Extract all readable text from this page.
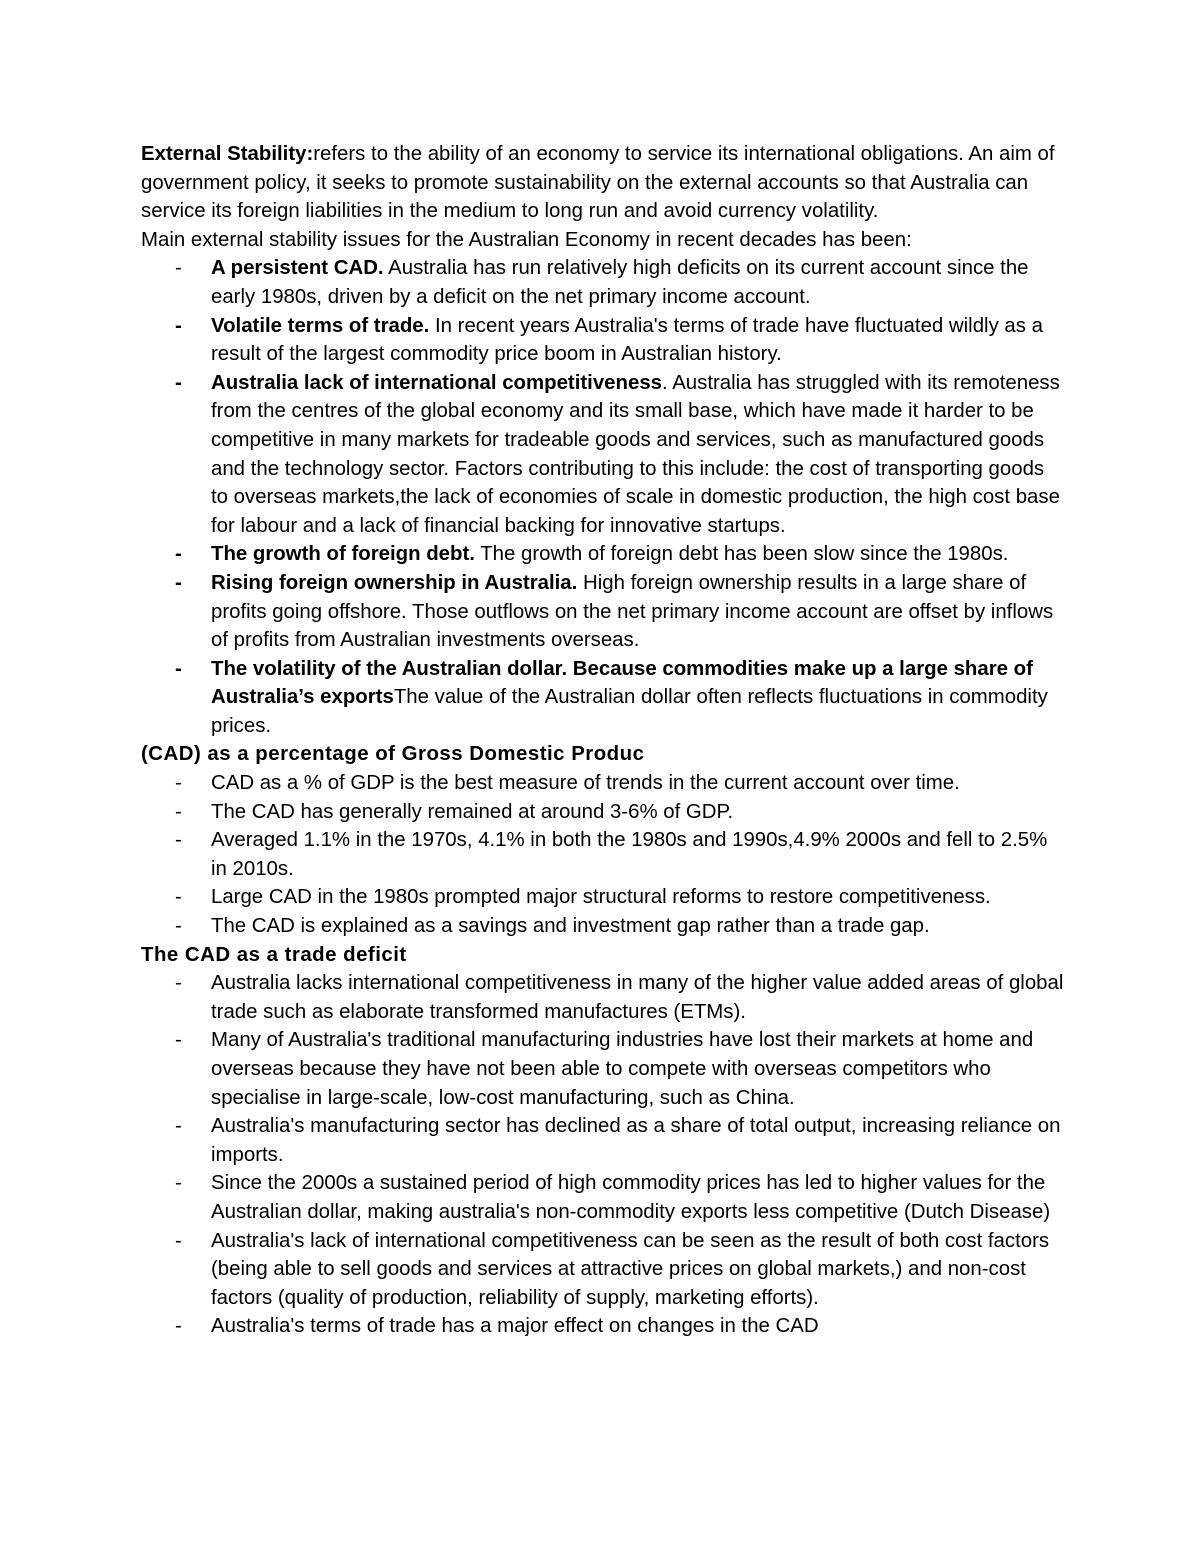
External Stability:refers to the ability of an economy to service its international obligations. An aim of government policy, it seeks to promote sustainability on the external accounts so that Australia can service its foreign liabilities in the medium to long run and avoid currency volatility.

Main external stability issues for the Australian Economy in recent decades has been:

- A persistent CAD. Australia has run relatively high deficits on its current account since the early 1980s, driven by a deficit on the net primary income account.
- Volatile terms of trade. In recent years Australia's terms of trade have fluctuated wildly as a result of the largest commodity price boom in Australian history.
- Australia lack of international competitiveness. Australia has struggled with its remoteness from the centres of the global economy and its small base, which have made it harder to be competitive in many markets for tradeable goods and services, such as manufactured goods and the technology sector. Factors contributing to this include: the cost of transporting goods to overseas markets,the lack of economies of scale in domestic production, the high cost base for labour and a lack of financial backing for innovative startups.
- The growth of foreign debt. The growth of foreign debt has been slow since the 1980s.
- Rising foreign ownership in Australia. High foreign ownership results in a large share of profits going offshore. Those outflows on the net primary income account are offset by inflows of profits from Australian investments overseas.
- The volatility of the Australian dollar. Because commodities make up a large share of Australia’s exportsThe value of the Australian dollar often reflects fluctuations in commodity prices.

(CAD) as a percentage of Gross Domestic Produc

- CAD as a % of GDP is the best measure of trends in the current account over time.
- The CAD has generally remained at around 3-6% of GDP.
- Averaged 1.1% in the 1970s, 4.1% in both the 1980s and 1990s,4.9% 2000s and fell to 2.5% in 2010s.
- Large CAD in the 1980s prompted major structural reforms to restore competitiveness.
- The CAD is explained as a savings and investment gap rather than a trade gap.

The CAD as a trade deficit

- Australia lacks international competitiveness in many of the higher value added areas of global trade such as elaborate transformed manufactures (ETMs).
- Many of Australia's traditional manufacturing industries have lost their markets at home and overseas because they have not been able to compete with overseas competitors who specialise in large-scale, low-cost manufacturing, such as China.
- Australia's manufacturing sector has declined as a share of total output, increasing reliance on imports.
- Since the 2000s a sustained period of high commodity prices has led to higher values for the Australian dollar, making australia's non-commodity exports less competitive (Dutch Disease)
- Australia's lack of international competitiveness can be seen as the result of both cost factors (being able to sell goods and services at attractive prices on global markets,) and non-cost factors (quality of production, reliability of supply, marketing efforts).
- Australia's terms of trade has a major effect on changes in the CAD
